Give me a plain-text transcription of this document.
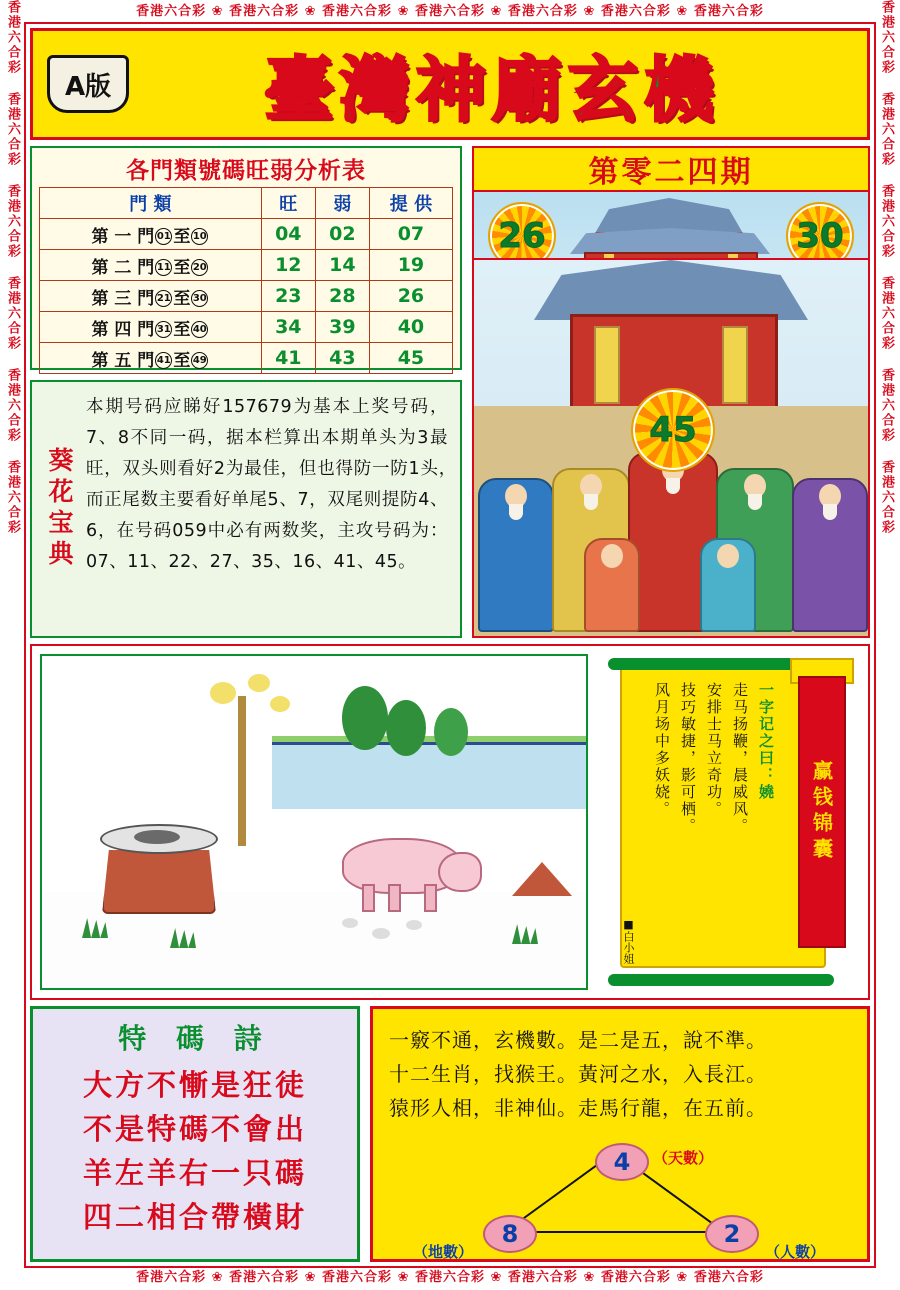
香港六合彩 ❀ 香港六合彩 ❀ 香港六合彩 ❀ 香港六合彩 ❀ 香港六合彩 ❀ 香港六合彩 ❀ 香港六合彩
香港六合彩 ❀ 香港六合彩 ❀ 香港六合彩 ❀ 香港六合彩 ❀ 香港六合彩 ❀ 香港六合彩 ❀ 香港六合彩
香港六合彩 香港六合彩 香港六合彩 香港六合彩 香港六合彩 香港六合彩	香港六合彩 香港六合彩 香港六合彩 香港六合彩 香港六合彩 香港六合彩
A版	臺灣神廟玄機
各門類號碼旺弱分析表
門 類	旺	弱	提 供
第 一 門 01 至 10	04	02	07
第 二 門 11 至 20	12	14	19
第 三 門 21 至 30	23	28	26
第 四 門 31 至 40	34	39	40
第 五 門 41 至 49	41	43	45
26	30
第零二四期
葵花宝典
本期号码应睇好157679为基本上奖号码，7、8不同一码，据本栏算出本期单头为3最旺，双头则看好2为最佳，但也得防一防1头，　而正尾数主要看好单尾5、7，双尾则提防4、6，在号码059中必有两数奖，主攻号码为：07、11、22、27、35、16、41、45。
45
一字记之曰：嬈
走马扬鞭，晨威风。
安排士马立奇功。
技巧敏捷，影可栖。
风月场中多妖娆。
■白小姐
赢钱锦囊
特 碼 詩
大方不慚是狂徒
不是特碼不會出
羊左羊右一只碼
四二相合帶橫財
一竅不通，玄機數。是二是五，說不準。
十二生肖，找猴王。黃河之水，入長江。
猿形人相，非神仙。走馬行龍，在五前。
4
8	2
（天數）
（地數）	（人數）
